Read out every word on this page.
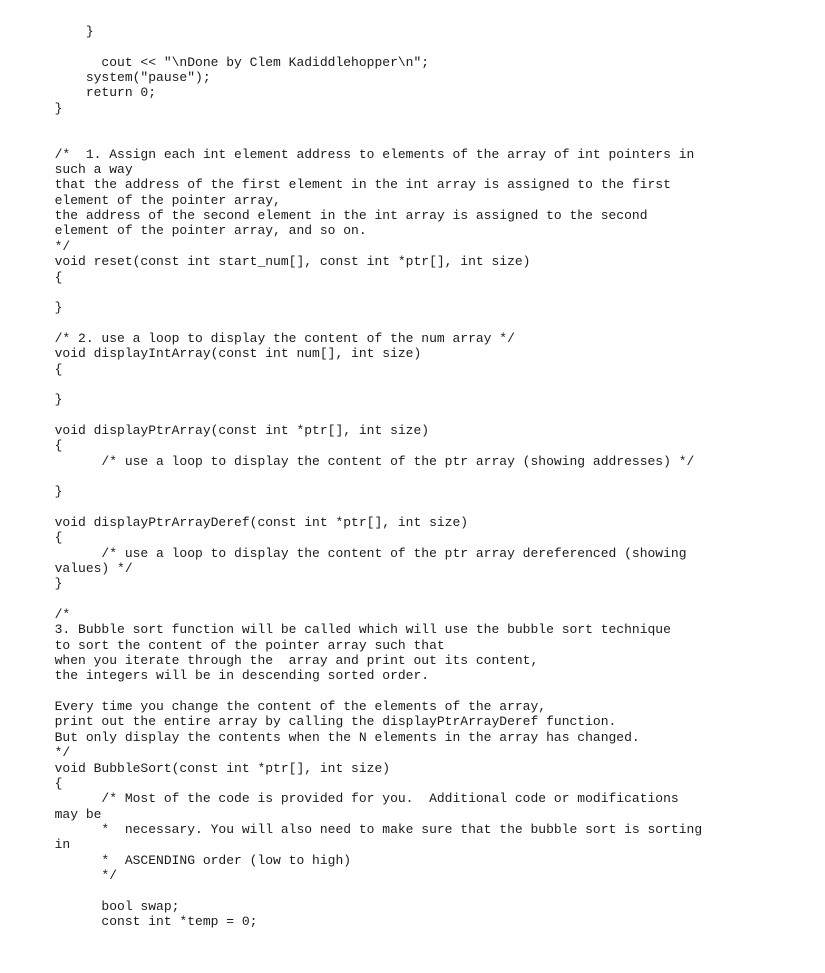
}
cout << "\nDone by Clem Kadiddlehopper\n";
system("pause");
return 0;
}
/*  1. Assign each int element address to elements of the array of int pointers in
such a way
that the address of the first element in the int array is assigned to the first
element of the pointer array,
the address of the second element in the int array is assigned to the second
element of the pointer array, and so on.
*/
void reset(const int start_num[], const int *ptr[], int size)
{
}
/* 2. use a loop to display the content of the num array */
void displayIntArray(const int num[], int size)
{
}
void displayPtrArray(const int *ptr[], int size)
{
/* use a loop to display the content of the ptr array (showing addresses) */
}
void displayPtrArrayDeref(const int *ptr[], int size)
{
/* use a loop to display the content of the ptr array dereferenced (showing
values) */
}
/*
3. Bubble sort function will be called which will use the bubble sort technique
to sort the content of the pointer array such that
when you iterate through the  array and print out its content,
the integers will be in descending sorted order.
Every time you change the content of the elements of the array,
print out the entire array by calling the displayPtrArrayDeref function.
But only display the contents when the N elements in the array has changed.
*/
void BubbleSort(const int *ptr[], int size)
{
/* Most of the code is provided for you.  Additional code or modifications
may be
*  necessary. You will also need to make sure that the bubble sort is sorting
in
*  ASCENDING order (low to high)
*/
bool swap;
const int *temp = 0;
